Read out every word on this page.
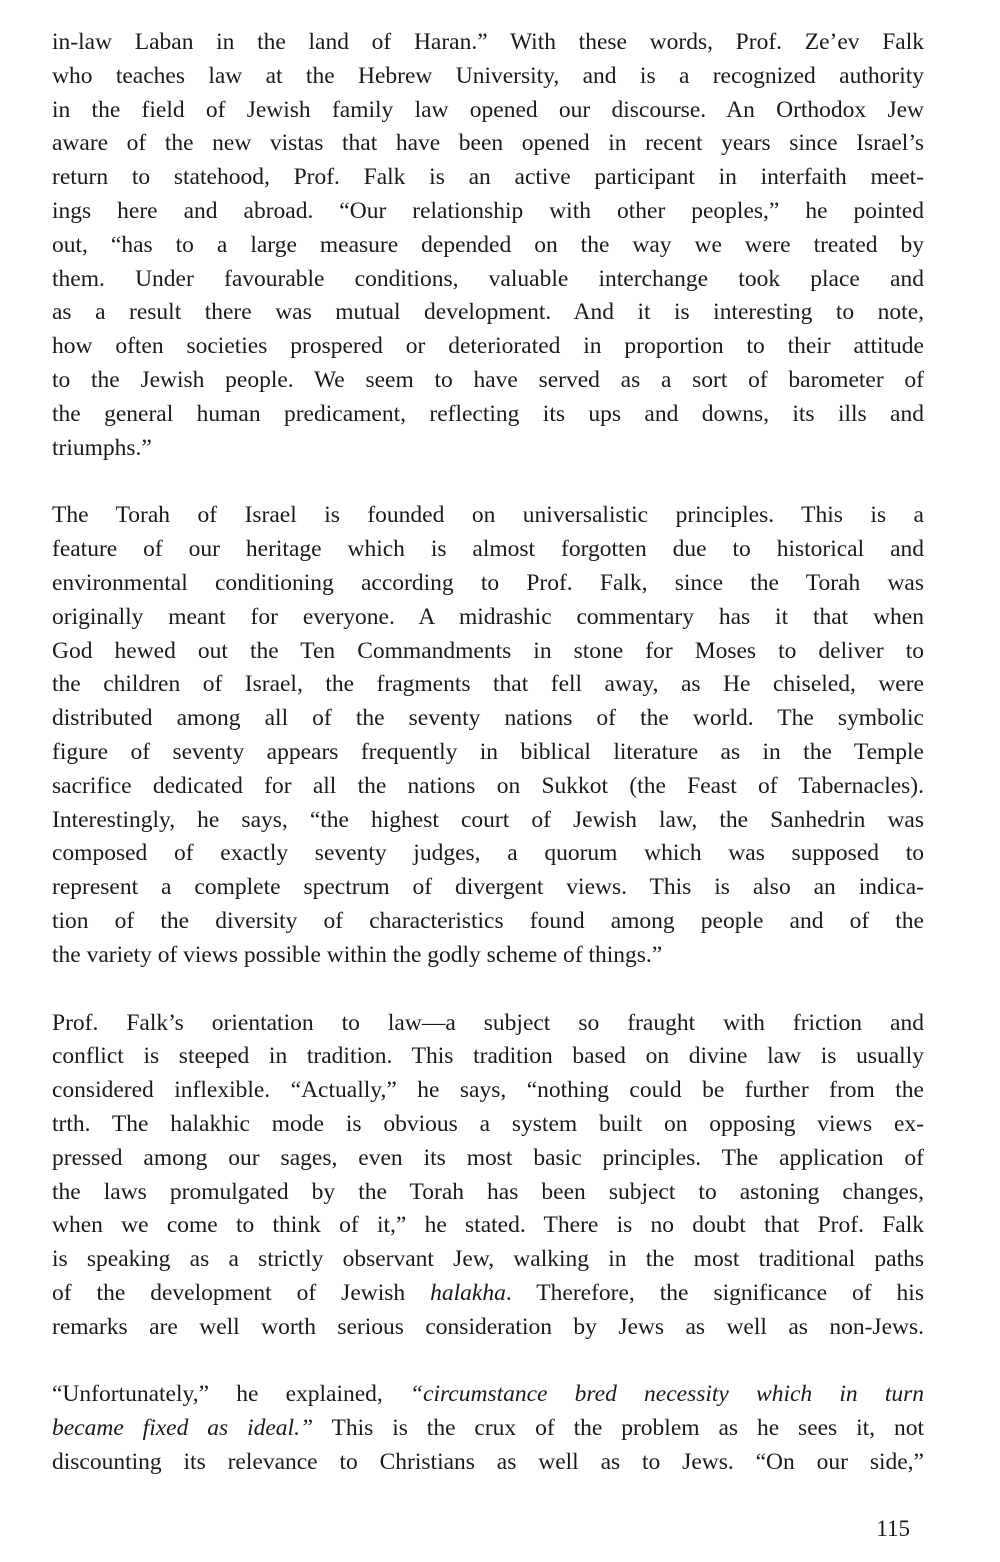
in-law Laban in the land of Haran.” With these words, Prof. Ze’ev Falk
who teaches law at the Hebrew University, and is a recognized authority
in the field of Jewish family law opened our discourse. An Orthodox Jew
aware of the new vistas that have been opened in recent years since Israel’s
return to statehood, Prof. Falk is an active participant in interfaith meet-
ings here and abroad. “Our relationship with other peoples,” he pointed
out, “has to a large measure depended on the way we were treated by
them. Under favourable conditions, valuable interchange took place and
as a result there was mutual development. And it is interesting to note,
how often societies prospered or deteriorated in proportion to their attitude
to the Jewish people. We seem to have served as a sort of barometer of
the general human predicament, reflecting its ups and downs, its ills and
triumphs.”

The Torah of Israel is founded on universalistic principles. This is a
feature of our heritage which is almost forgotten due to historical and
environmental conditioning according to Prof. Falk, since the Torah was
originally meant for everyone. A midrashic commentary has it that when
God hewed out the Ten Commandments in stone for Moses to deliver to
the children of Israel, the fragments that fell away, as He chiseled, were
distributed among all of the seventy nations of the world. The symbolic
figure of seventy appears frequently in biblical literature as in the Temple
sacrifice dedicated for all the nations on Sukkot (the Feast of Tabernacles).
Interestingly, he says, “the highest court of Jewish law, the Sanhedrin was
composed of exactly seventy judges, a quorum which was supposed to
represent a complete spectrum of divergent views. This is also an indica-
tion of the diversity of characteristics found among people and of the
the variety of views possible within the godly scheme of things.”

Prof. Falk’s orientation to law—a subject so fraught with friction and
conflict is steeped in tradition. This tradition based on divine law is usually
considered inflexible. “Actually,” he says, “nothing could be further from the
trth. The halakhic mode is obvious a system built on opposing views ex-
pressed among our sages, even its most basic principles. The application of
the laws promulgated by the Torah has been subject to astoning changes,
when we come to think of it,” he stated. There is no doubt that Prof. Falk
is speaking as a strictly observant Jew, walking in the most traditional paths
of the development of Jewish halakha. Therefore, the significance of his
remarks are well worth serious consideration by Jews as well as non-Jews.

“Unfortunately,” he explained, “circumstance bred necessity which in turn
became fixed as ideal.” This is the crux of the problem as he sees it, not
discounting its relevance to Christians as well as to Jews. “On our side,”

115
